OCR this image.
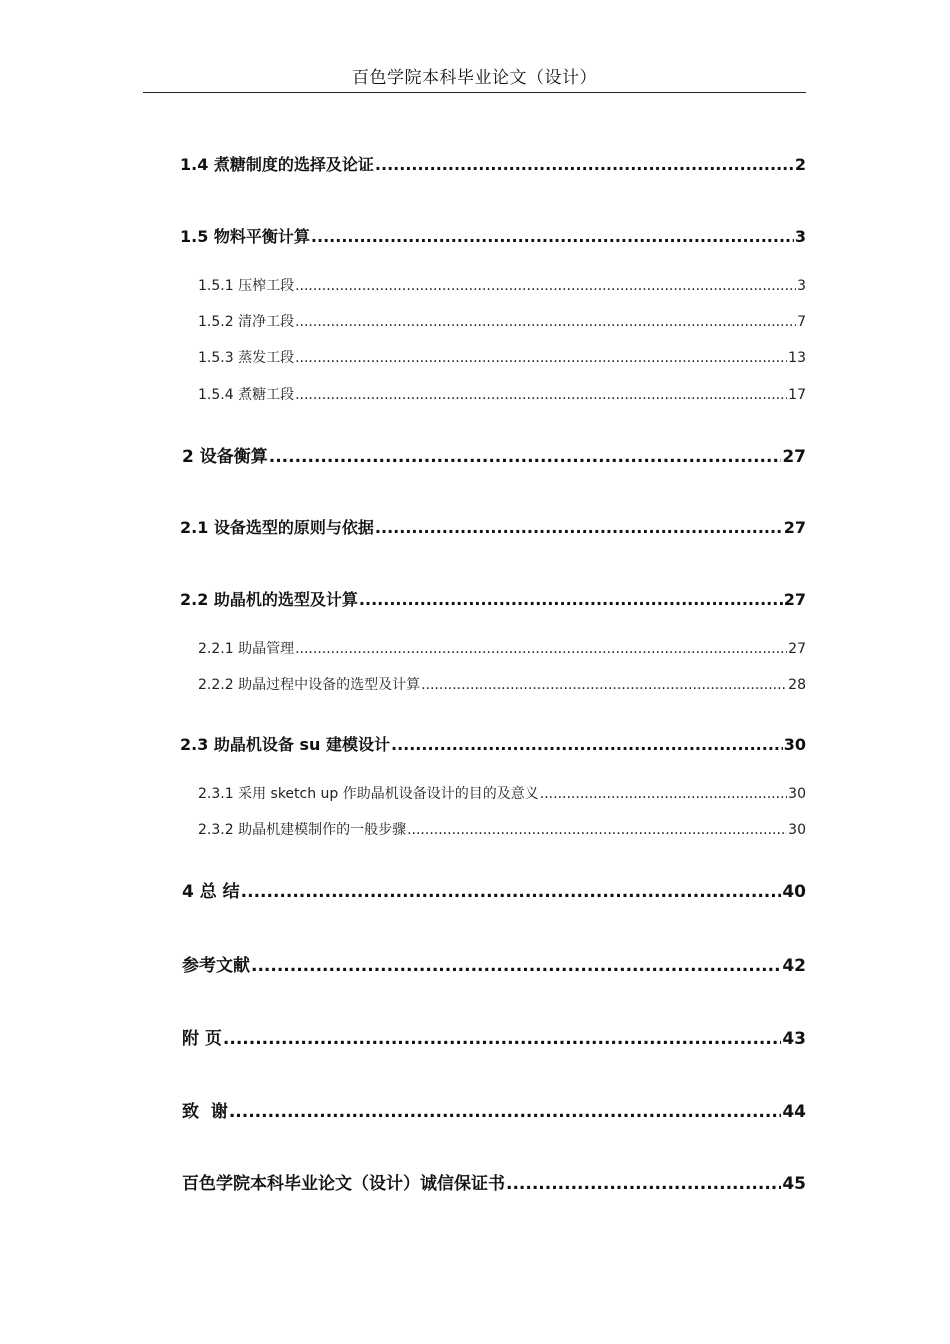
百色学院本科毕业论文（设计）
1.4 煮糖制度的选择及论证 .....	2
1.5 物料平衡计算 .....	3
1.5.1 压榨工段 .....	3
1.5.2 清净工段 .....	7
1.5.3 蒸发工段 .....	13
1.5.4 煮糖工段 .....	17
2 设备衡算 .....	27
2.1 设备选型的原则与依据 .....	27
2.2 助晶机的选型及计算 .....	27
2.2.1 助晶管理 .....	27
2.2.2 助晶过程中设备的选型及计算 .....	28
2.3 助晶机设备 su 建模设计 .....	30
2.3.1 采用 sketch up 作助晶机设备设计的目的及意义 .....	30
2.3.2 助晶机建模制作的一般步骤 .....	30
4 总 结 .....	40
参考文献 .....	42
附 页 .....	43
致  谢 .....	44
百色学院本科毕业论文（设计）诚信保证书 .....	45
